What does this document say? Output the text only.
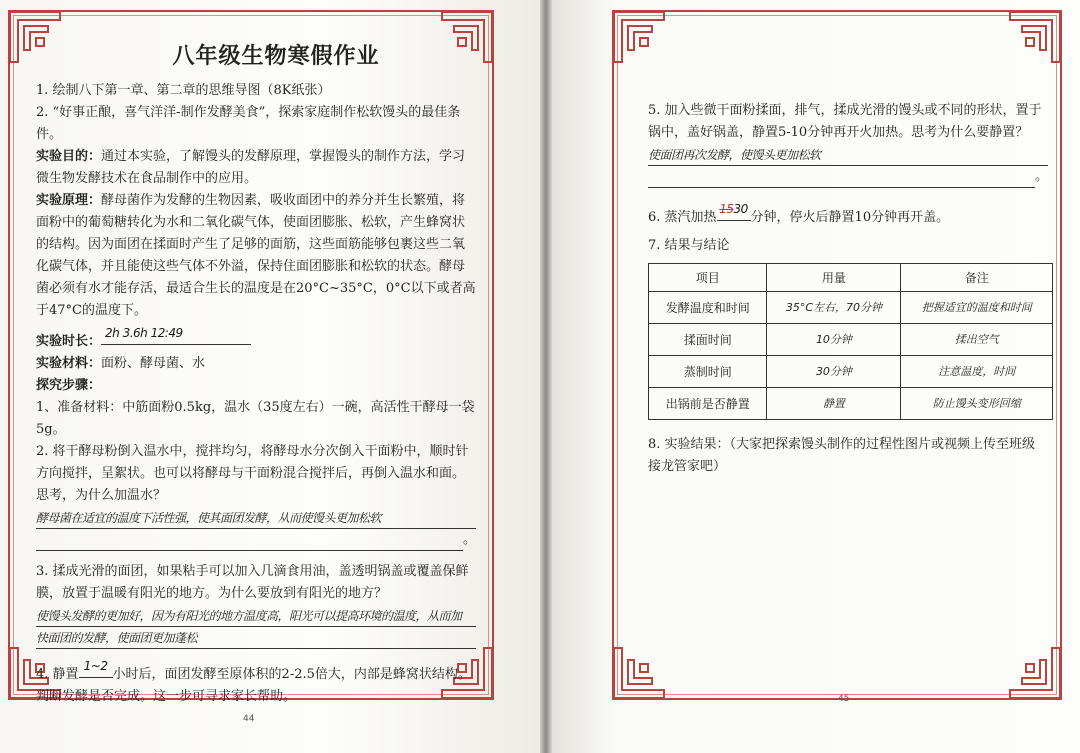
八年级生物寒假作业
1. 绘制八下第一章、第二章的思维导图（8K纸张）
2. “好事正酿，喜气洋洋-制作发酵美食”，探索家庭制作松软馒头的最佳条件。
实验目的：通过本实验，了解馒头的发酵原理，掌握馒头的制作方法，学习微生物发酵技术在食品制作中的应用。
实验原理：酵母菌作为发酵的生物因素，吸收面团中的养分并生长繁殖，将面粉中的葡萄糖转化为水和二氧化碳气体，使面团膨胀、松软，产生蜂窝状的结构。因为面团在揉面时产生了足够的面筋，这些面筋能够包裹这些二氧化碳气体，并且能使这些气体不外溢，保持住面团膨胀和松软的状态。酵母菌必须有水才能存活，最适合生长的温度是在20°C~35°C，0°C以下或者高于47°C的温度下。
实验时长：2h 3.6h 12:49
实验材料：面粉、酵母菌、水
探究步骤：
1、准备材料：中筋面粉0.5kg，温水（35度左右）一碗，高活性干酵母一袋5g。
2. 将干酵母粉倒入温水中，搅拌均匀，将酵母水分次倒入干面粉中，顺时针方向搅拌，呈絮状。也可以将酵母与干面粉混合搅拌后，再倒入温水和面。思考，为什么加温水？
酵母菌在适宜的温度下活性强，使其面团发酵，从而使馒头更加松软
。
3. 揉成光滑的面团，如果粘手可以加入几滴食用油，盖透明锅盖或覆盖保鲜膜，放置于温暖有阳光的地方。为什么要放到有阳光的地方？
使馒头发酵的更加好，因为有阳光的地方温度高，阳光可以提高环境的温度，从而加
快面团的发酵，使面团更加蓬松
4. 静置1~2小时后，面团发酵至原体积的2-2.5倍大，内部是蜂窝状结构。判断发酵是否完成。这一步可寻求家长帮助。
44
5. 加入些微干面粉揉面，排气，揉成光滑的馒头或不同的形状，置于锅中，盖好锅盖，静置5-10分钟再开火加热。思考为什么要静置？
使面团再次发酵，使馒头更加松软
。
6. 蒸汽加热1530分钟，停火后静置10分钟再开盖。
7. 结果与结论
项目	用量	备注
发酵温度和时间	35°C左右，70分钟	把握适宜的温度和时间
揉面时间	10分钟	揉出空气
蒸制时间	30分钟	注意温度，时间
出锅前是否静置	静置	防止馒头变形回缩
8. 实验结果：（大家把探索馒头制作的过程性图片或视频上传至班级接龙管家吧）
45
